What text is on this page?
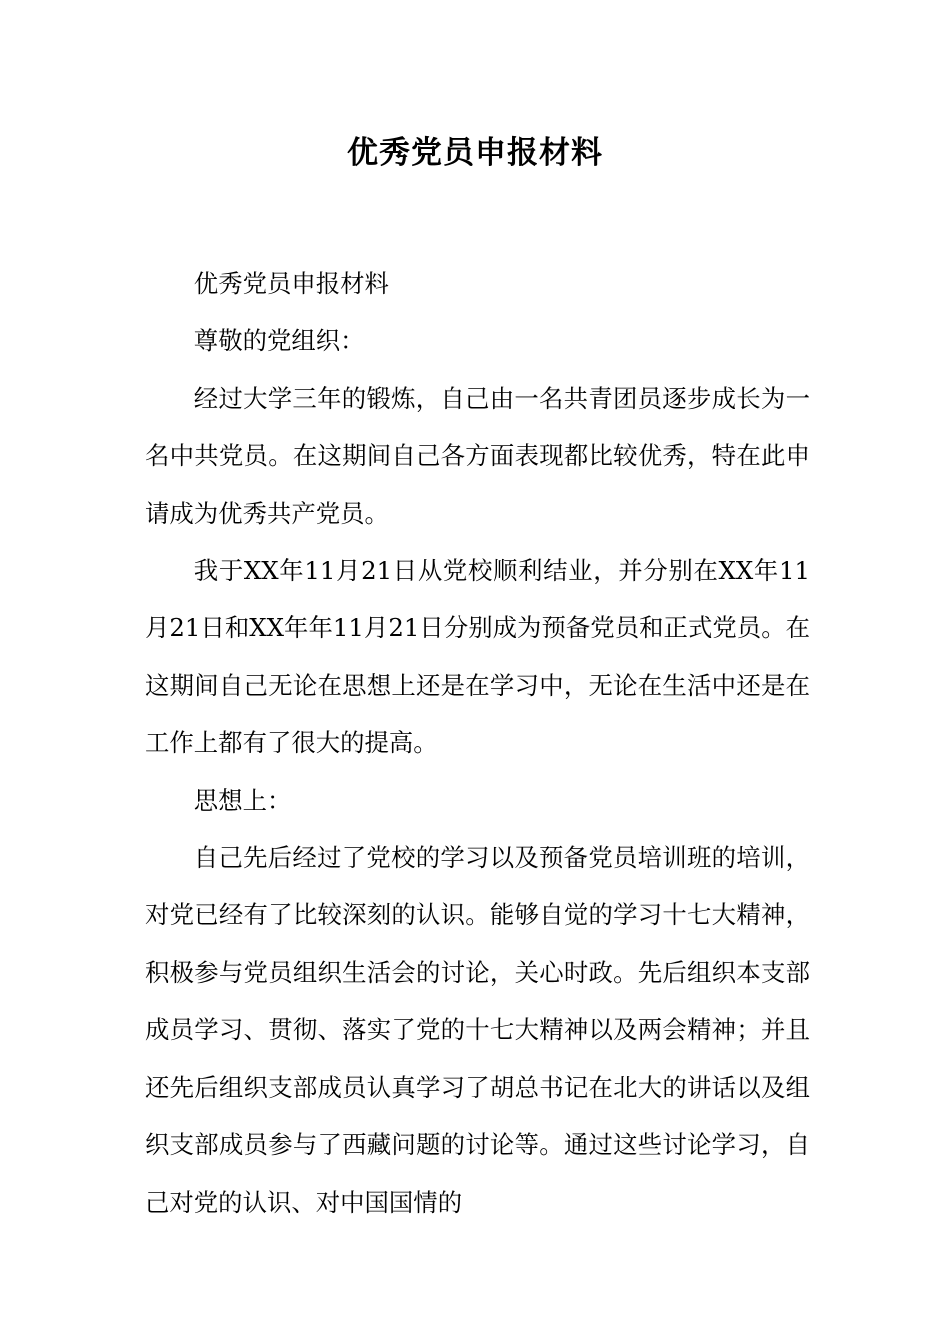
优秀党员申报材料

优秀党员申报材料

尊敬的党组织：

经过大学三年的锻炼，自己由一名共青团员逐步成长为一名中共党员。在这期间自己各方面表现都比较优秀，特在此申请成为优秀共产党员。

我于XX年11月21日从党校顺利结业，并分别在XX年11月21日和XX年年11月21日分别成为预备党员和正式党员。在这期间自己无论在思想上还是在学习中，无论在生活中还是在工作上都有了很大的提高。

思想上：

自己先后经过了党校的学习以及预备党员培训班的培训，对党已经有了比较深刻的认识。能够自觉的学习十七大精神，积极参与党员组织生活会的讨论，关心时政。先后组织本支部成员学习、贯彻、落实了党的十七大精神以及两会精神；并且还先后组织支部成员认真学习了胡总书记在北大的讲话以及组织支部成员参与了西藏问题的讨论等。通过这些讨论学习，自己对党的认识、对中国国情的
